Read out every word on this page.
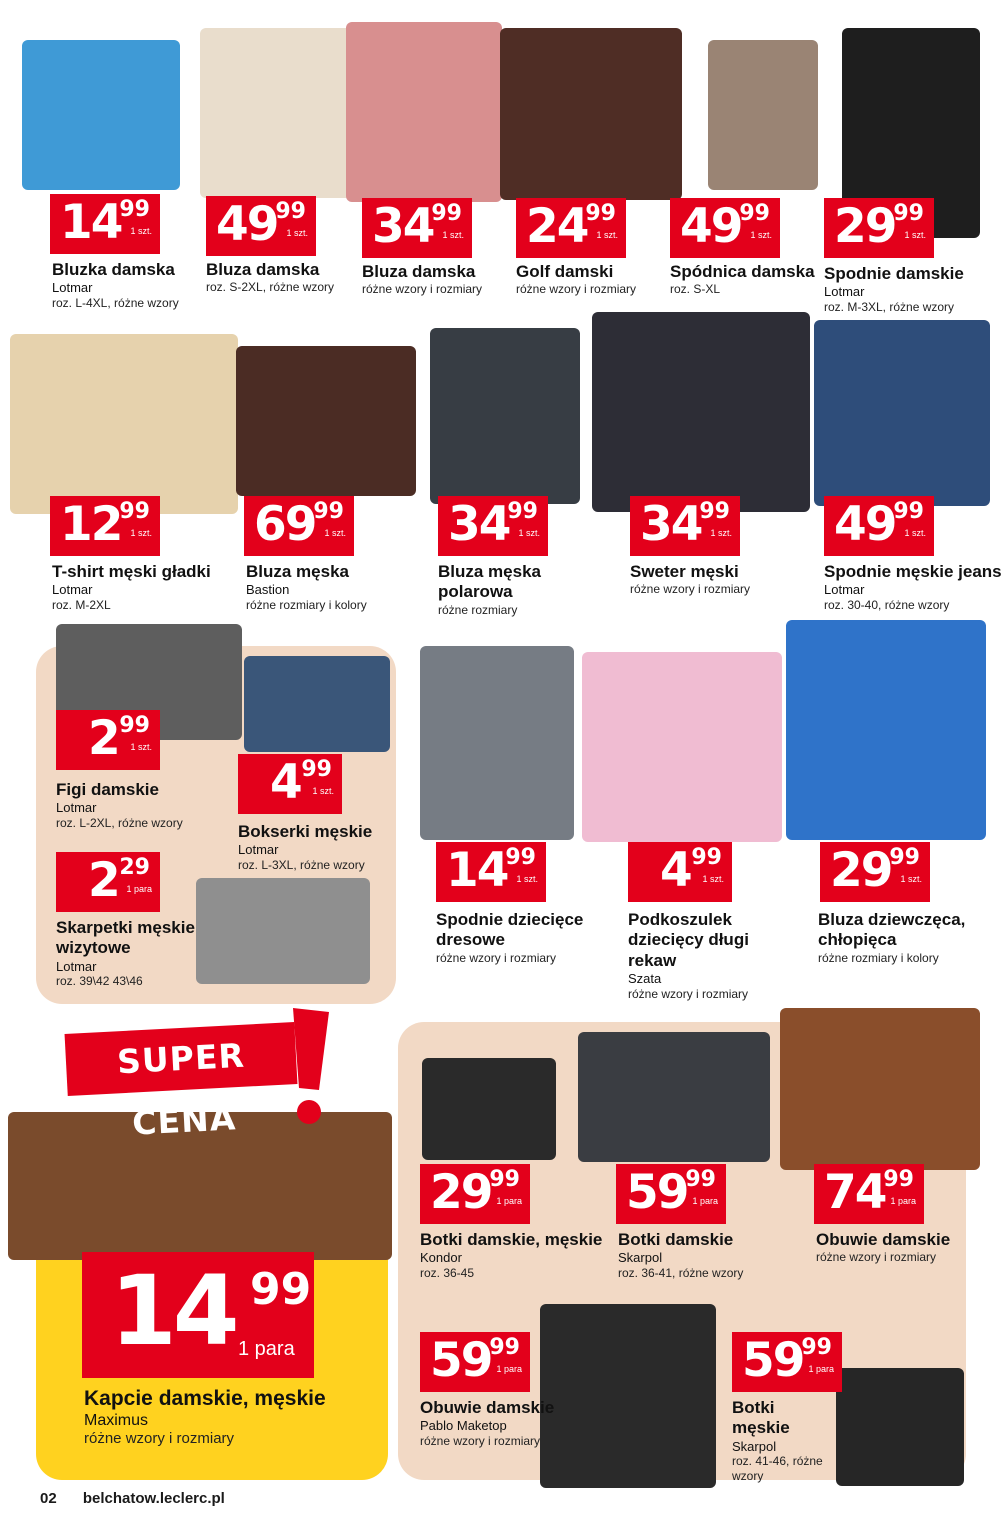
SUPER CENA
14
99
1 szt. 49
99
1 szt. 34
99
1 szt. 24
99
1 szt. 49
99
1 szt. 29
99
1 szt.
12
99
1 szt. 69
99
1 szt. 34
99
1 szt. 34
99
1 szt. 49
99
1 szt.
2 99
1 szt.
4 99
1 szt.
2 29
1 para	14
99
1 szt.	4 99
1 szt. 29
99
1 szt.
29
99
1 para 59
99
1 para 74
99
1 para
59
99
1 para	59
99
1 para
14 99
1 para
Bluzka damska
Lotmar
roz. L-4XL, różne wzory
Bluza damska
roz. S-2XL, różne wzory
Bluza damska
różne wzory i rozmiary
Golf damski
różne wzory i rozmiary
Spódnica damska
roz. S-XL
Spodnie damskie
Lotmar
roz. M-3XL, różne wzory
T-shirt męski gładki
Lotmar
roz. M-2XL
Bluza męska
Bastion
różne rozmiary i kolory
Bluza męska polarowa
różne rozmiary
Sweter męski
różne wzory i rozmiary
Spodnie męskie jeans
Lotmar
roz. 30-40, różne wzory
Figi damskie
Lotmar
roz. L-2XL, różne wzory	Bokserki męskie
Lotmar
roz. L-3XL, różne wzory
Skarpetki męskie wizytowe
Lotmar
roz. 39\42 43\46
Spodnie dziecięce dresowe
różne wzory i rozmiary
Podkoszulek dziecięcy długi rekaw
Szata
różne wzory i rozmiary
Bluza dziewczęca, chłopięca
różne rozmiary i kolory
Botki damskie, męskie
Kondor
roz. 36-45
Botki damskie
Skarpol
roz. 36-41, różne wzory
Obuwie damskie
różne wzory i rozmiary
Obuwie damskie
Pablo Maketop
różne wzory i rozmiary
Botki męskie
Skarpol
roz. 41-46, różne wzory
Kapcie damskie, męskie
Maximus
różne wzory i rozmiary
02 belchatow.leclerc.pl
